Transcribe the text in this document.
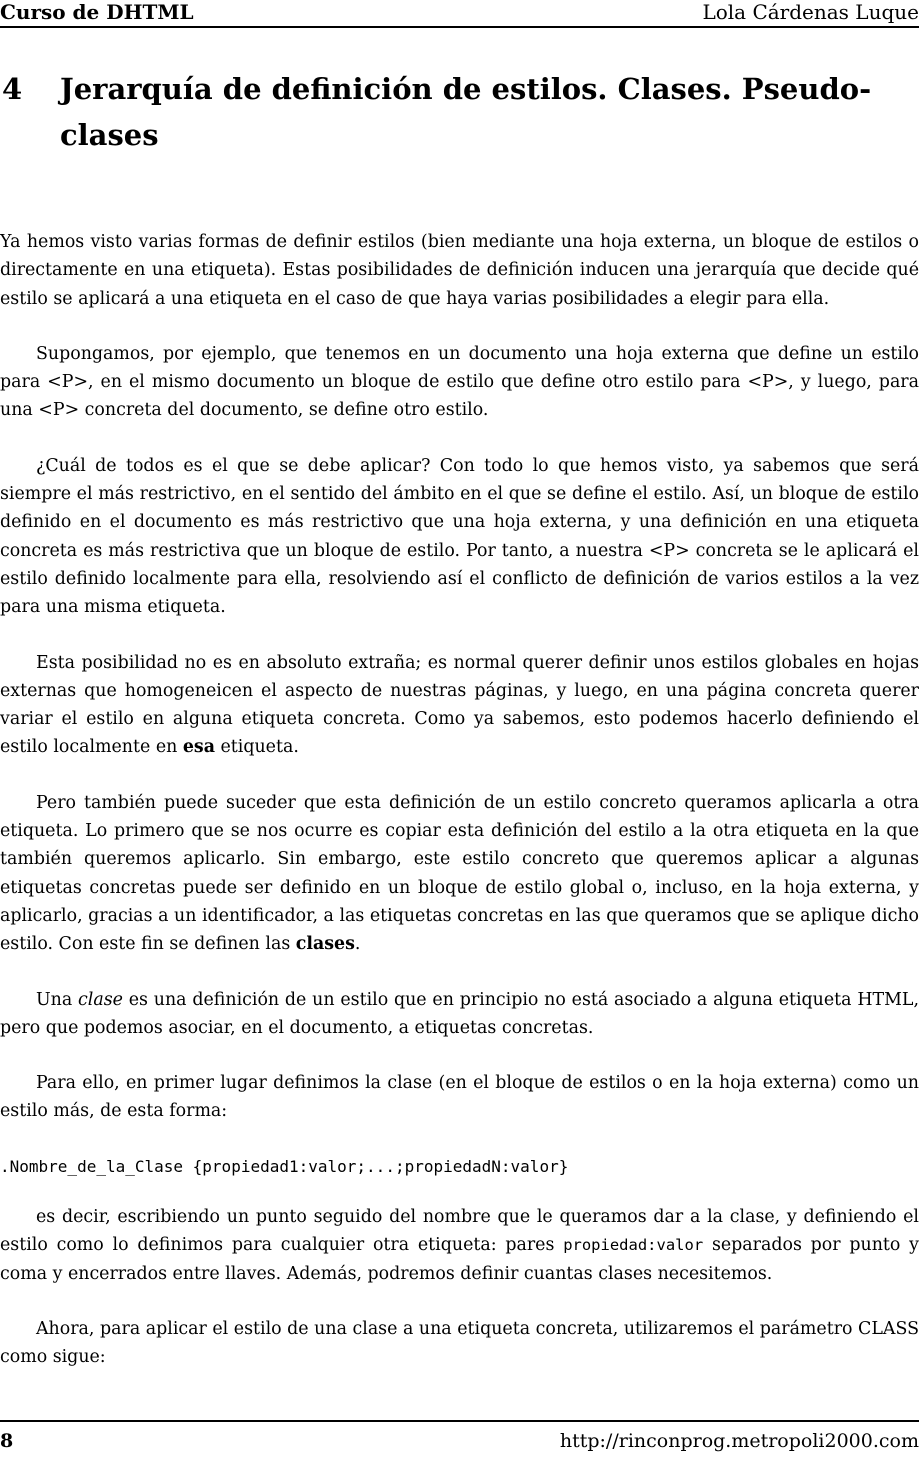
Curso de DHTML	Lola Cárdenas Luque
4 Jerarquía de definición de estilos. Clases. Pseudo-clases

Ya hemos visto varias formas de definir estilos (bien mediante una hoja externa, un bloque de estilos o directamente en una etiqueta). Estas posibilidades de definición inducen una jerarquía que decide qué estilo se aplicará a una etiqueta en el caso de que haya varias posibilidades a elegir para ella.

Supongamos, por ejemplo, que tenemos en un documento una hoja externa que define un estilo para <P>, en el mismo documento un bloque de estilo que define otro estilo para <P>, y luego, para una <P> concreta del documento, se define otro estilo.

¿Cuál de todos es el que se debe aplicar? Con todo lo que hemos visto, ya sabemos que será siempre el más restrictivo, en el sentido del ámbito en el que se define el estilo. Así, un bloque de estilo definido en el documento es más restrictivo que una hoja externa, y una definición en una etiqueta concreta es más restrictiva que un bloque de estilo. Por tanto, a nuestra <P> concreta se le aplicará el estilo definido localmente para ella, resolviendo así el conflicto de definición de varios estilos a la vez para una misma etiqueta.

Esta posibilidad no es en absoluto extraña; es normal querer definir unos estilos globales en hojas externas que homogeneicen el aspecto de nuestras páginas, y luego, en una página concreta querer variar el estilo en alguna etiqueta concreta. Como ya sabemos, esto podemos hacerlo definiendo el estilo localmente en esa etiqueta.

Pero también puede suceder que esta definición de un estilo concreto queramos aplicarla a otra etiqueta. Lo primero que se nos ocurre es copiar esta definición del estilo a la otra etiqueta en la que también queremos aplicarlo. Sin embargo, este estilo concreto que queremos aplicar a algunas etiquetas concretas puede ser definido en un bloque de estilo global o, incluso, en la hoja externa, y aplicarlo, gracias a un identificador, a las etiquetas concretas en las que queramos que se aplique dicho estilo. Con este fin se definen las clases.

Una clase es una definición de un estilo que en principio no está asociado a alguna etiqueta HTML, pero que podemos asociar, en el documento, a etiquetas concretas.

Para ello, en primer lugar definimos la clase (en el bloque de estilos o en la hoja externa) como un estilo más, de esta forma:

.Nombre_de_la_Clase {propiedad1:valor;...;propiedadN:valor}

es decir, escribiendo un punto seguido del nombre que le queramos dar a la clase, y definiendo el estilo como lo definimos para cualquier otra etiqueta: pares propiedad:valor separados por punto y coma y encerrados entre llaves. Además, podremos definir cuantas clases necesitemos.

Ahora, para aplicar el estilo de una clase a una etiqueta concreta, utilizaremos el parámetro CLASS como sigue:

8	http://rinconprog.metropoli2000.com
